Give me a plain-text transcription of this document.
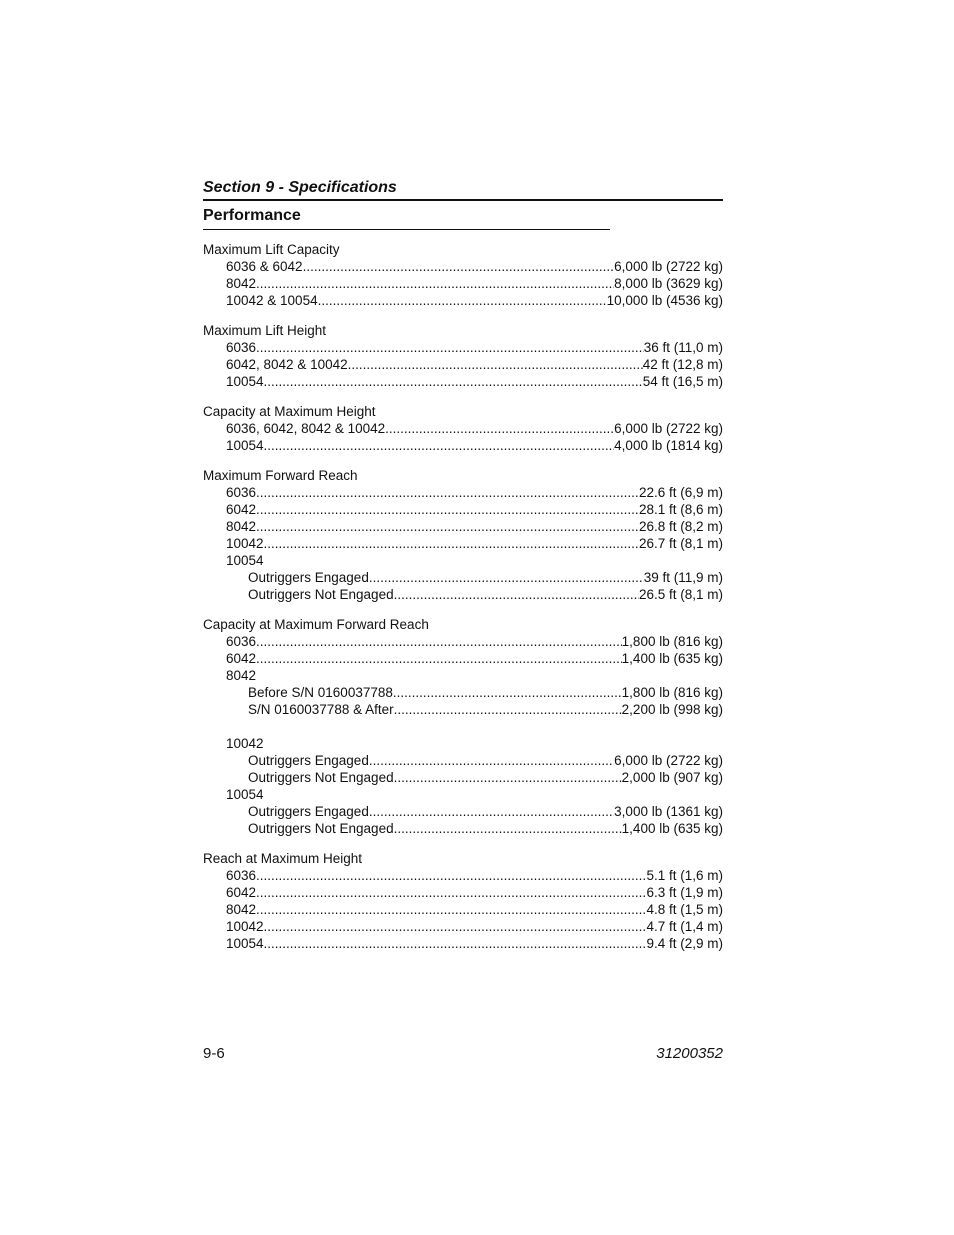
Section 9 - Specifications
Performance
Maximum Lift Capacity
6036 & 6042 .....	6,000 lb (2722 kg)
8042 .....	8,000 lb (3629 kg)
10042 & 10054 .....	10,000 lb (4536 kg)
Maximum Lift Height
6036 .....	36 ft (11,0 m)
6042, 8042 & 10042 .....	42 ft (12,8 m)
10054 .....	54 ft (16,5 m)
Capacity at Maximum Height
6036, 6042, 8042 & 10042 .....	6,000 lb (2722 kg)
10054 .....	4,000 lb (1814 kg)
Maximum Forward Reach
6036 .....	22.6 ft (6,9 m)
6042 .....	28.1 ft (8,6 m)
8042 .....	26.8 ft (8,2 m)
10042 .....	26.7 ft (8,1 m)
10054
Outriggers Engaged .....	39 ft (11,9 m)
Outriggers Not Engaged .....	26.5 ft (8,1 m)
Capacity at Maximum Forward Reach
6036 .....	1,800 lb (816 kg)
6042 .....	1,400 lb (635 kg)
8042
Before S/N 0160037788 .....	1,800 lb (816 kg)
S/N 0160037788 & After .....	2,200 lb (998 kg)
10042
Outriggers Engaged .....	6,000 lb (2722 kg)
Outriggers Not Engaged .....	2,000 lb (907 kg)
10054
Outriggers Engaged .....	3,000 lb (1361 kg)
Outriggers Not Engaged .....	1,400 lb (635 kg)
Reach at Maximum Height
6036 .....	5.1 ft (1,6 m)
6042 .....	6.3 ft (1,9 m)
8042 .....	4.8 ft (1,5 m)
10042 .....	4.7 ft (1,4 m)
10054 .....	9.4 ft (2,9 m)
9-6	31200352
